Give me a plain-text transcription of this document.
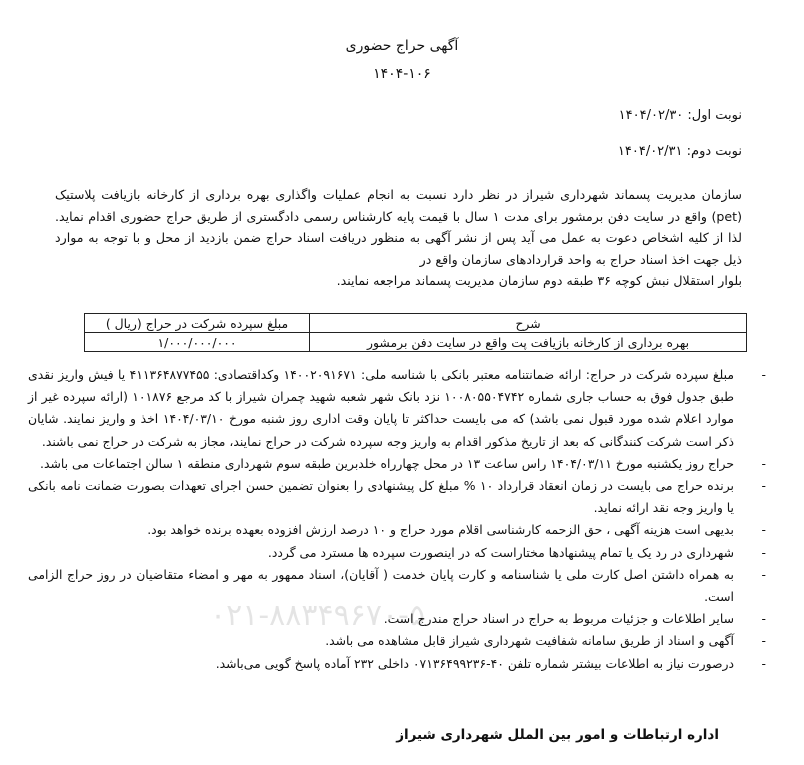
آگهی حراج حضوری
۱۴۰۴-۱۰۶
نوبت اول: ۱۴۰۴/۰۲/۳۰
نوبت دوم: ۱۴۰۴/۰۲/۳۱
سازمان مدیریت پسماند شهرداری شیراز در نظر دارد نسبت به انجام عملیات واگذاری بهره برداری از کارخانه بازیافت پلاستیک (pet) واقع در سایت دفن برمشور برای مدت ۱ سال با قیمت پایه کارشناس رسمی دادگستری از طریق حراج حضوری اقدام نماید. لذا از کلیه اشخاص دعوت به عمل می آید پس از نشر آگهی به منظور دریافت اسناد حراج ضمن بازدید از محل و با توجه به موارد ذیل جهت اخذ اسناد حراج به واحد قراردادهای سازمان واقع در
بلوار استقلال نبش کوچه ۳۶ طبقه دوم سازمان مدیریت پسماند مراجعه نمایند.
شرح	مبلغ سپرده شرکت در حراج (ریال )
بهره برداری از کارخانه بازیافت پت واقع در سایت دفن برمشور	۱/۰۰۰/۰۰۰/۰۰۰
۰۲۱-۸۸۳۴۹۶۷۰-۵
-
مبلغ سپرده شرکت در حراج: ارائه ضمانتنامه معتبر بانکی با شناسه ملی: ۱۴۰۰۲۰۹۱۶۷۱ وکداقتصادی: ۴۱۱۳۶۴۸۷۷۴۵۵ یا فیش واریز نقدی طبق جدول فوق به حساب جاری شماره ۱۰۰۸۰۵۵۰۴۷۴۲ نزد بانک شهر شعبه شهید چمران شیراز با کد مرجع ۱۰۱۸۷۶ (ارائه سپرده غیر از موارد اعلام شده مورد قبول نمی باشد) که می بایست حداکثر تا پایان وقت اداری روز شنبه مورخ ۱۴۰۴/۰۳/۱۰ اخذ و واریز نمایند. شایان ذکر است شرکت کنندگانی که بعد از تاریخ مذکور اقدام به واریز وجه سپرده شرکت در حراج نمایند، مجاز به شرکت در حراج نمی باشند.
-
حراج روز یکشنبه مورخ ۱۴۰۴/۰۳/۱۱ راس ساعت ۱۳ در محل چهارراه خلدبرین طبقه سوم شهرداری منطقه ۱ سالن اجتماعات می باشد.
-
برنده حراج می بایست در زمان انعقاد قرارداد ۱۰ % مبلغ کل پیشنهادی را بعنوان تضمین حسن اجرای تعهدات بصورت ضمانت نامه بانکی یا واریز وجه نقد ارائه نماید.
-
بدیهی است هزینه آگهی ، حق الزحمه کارشناسی اقلام مورد حراج و ۱۰ درصد ارزش افزوده بعهده برنده خواهد بود.
-
شهرداری در رد یک یا تمام پیشنهادها مختاراست که در اینصورت سپرده ها مسترد می گردد.
-
به همراه داشتن اصل کارت ملی یا شناسنامه و کارت پایان خدمت ( آقایان)، اسناد ممهور به مهر و امضاء متقاضیان در روز حراج الزامی است.
-
سایر اطلاعات و جزئیات مربوط به حراج در اسناد حراج مندرج است.
-
آگهی و اسناد از طریق سامانه شفافیت شهرداری شیراز قابل مشاهده می باشد.
-
درصورت نیاز به اطلاعات بیشتر شماره تلفن ۴۰-۰۷۱۳۶۴۹۹۲۳۶ داخلی ۲۳۲ آماده پاسخ گویی می‌باشد.
اداره ارتباطات و امور بین الملل شهرداری شیراز
